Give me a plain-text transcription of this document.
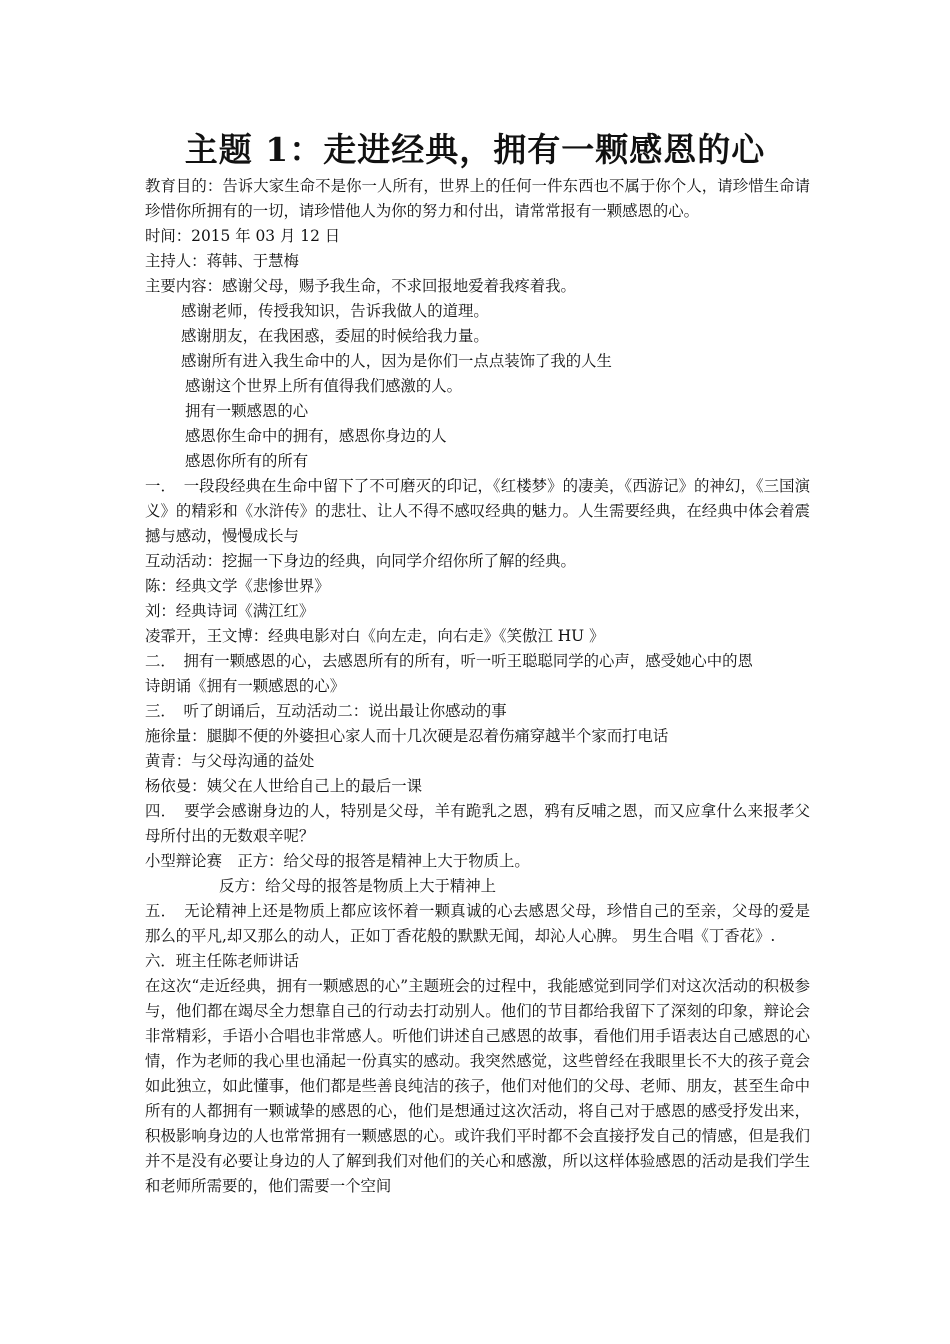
主题 1：走进经典，拥有一颗感恩的心

教育目的：告诉大家生命不是你一人所有，世界上的任何一件东西也不属于你个人，请珍惜生命请珍惜你所拥有的一切，请珍惜他人为你的努力和付出，请常常报有一颗感恩的心。

时间：2015 年 03 月 12 日

主持人：蒋韩、于慧梅

主要内容：感谢父母，赐予我生命，不求回报地爱着我疼着我。

感谢老师，传授我知识，告诉我做人的道理。

感谢朋友，在我困惑，委屈的时候给我力量。

感谢所有进入我生命中的人，因为是你们一点点装饰了我的人生

感谢这个世界上所有值得我们感激的人。

拥有一颗感恩的心

感恩你生命中的拥有，感恩你身边的人

感恩你所有的所有

一．　一段段经典在生命中留下了不可磨灭的印记，《红楼梦》的凄美，《西游记》的神幻，《三国演义》的精彩和《水浒传》的悲壮、让人不得不感叹经典的魅力。人生需要经典，在经典中体会着震撼与感动，慢慢成长与

互动活动：挖掘一下身边的经典，向同学介绍你所了解的经典。

陈：经典文学《悲惨世界》

刘：经典诗词《满江红》

凌霏开，王文博：经典电影对白《向左走，向右走》《笑傲江 HU 》

二．　拥有一颗感恩的心，去感恩所有的所有，听一听王聪聪同学的心声，感受她心中的恩

诗朗诵《拥有一颗感恩的心》

三．　听了朗诵后，互动活动二：说出最让你感动的事

施徐量：腿脚不便的外婆担心家人而十几次硬是忍着伤痛穿越半个家而打电话

黄青：与父母沟通的益处

杨依曼：姨父在人世给自己上的最后一课

四．　要学会感谢身边的人，特别是父母，羊有跪乳之恩，鸦有反哺之恩，而又应拿什么来报孝父母所付出的无数艰辛呢？

小型辩论赛　正方：给父母的报答是精神上大于物质上。

反方：给父母的报答是物质上大于精神上

五．　无论精神上还是物质上都应该怀着一颗真诚的心去感恩父母，珍惜自己的至亲，父母的爱是那么的平凡,却又那么的动人，正如丁香花般的默默无闻，却沁人心脾。 男生合唱《丁香花》.

六．班主任陈老师讲话

在这次“走近经典，拥有一颗感恩的心”主题班会的过程中，我能感觉到同学们对这次活动的积极参与，他们都在竭尽全力想靠自己的行动去打动别人。他们的节目都给我留下了深刻的印象，辩论会非常精彩，手语小合唱也非常感人。听他们讲述自己感恩的故事，看他们用手语表达自己感恩的心情，作为老师的我心里也涌起一份真实的感动。我突然感觉，这些曾经在我眼里长不大的孩子竟会如此独立，如此懂事，他们都是些善良纯洁的孩子，他们对他们的父母、老师、朋友，甚至生命中所有的人都拥有一颗诚挚的感恩的心，他们是想通过这次活动，将自己对于感恩的感受抒发出来，积极影响身边的人也常常拥有一颗感恩的心。或许我们平时都不会直接抒发自己的情感，但是我们并不是没有必要让身边的人了解到我们对他们的关心和感激，所以这样体验感恩的活动是我们学生和老师所需要的，他们需要一个空间
